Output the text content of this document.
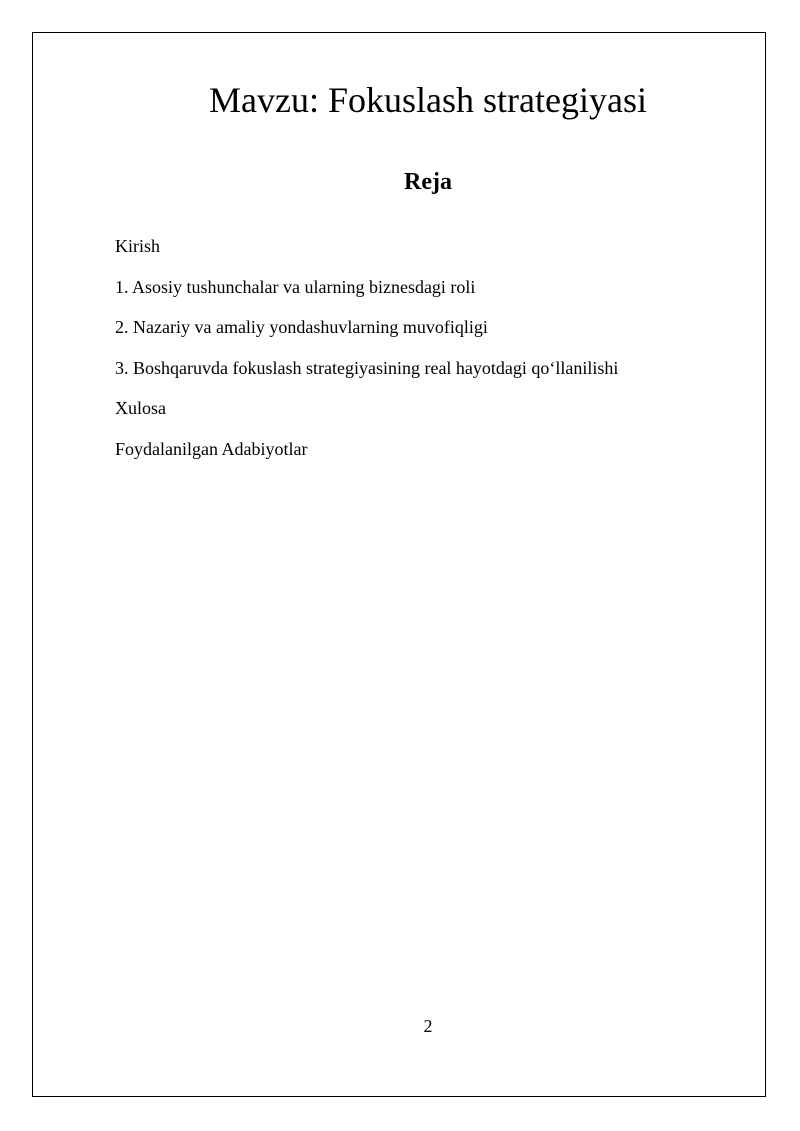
Mavzu: Fokuslash strategiyasi
Reja
Kirish
1. Asosiy tushunchalar va ularning biznesdagi roli
2. Nazariy va amaliy yondashuvlarning muvofiqligi
3. Boshqaruvda fokuslash strategiyasining real hayotdagi qo‘llanilishi
Xulosa
Foydalanilgan Adabiyotlar
2
